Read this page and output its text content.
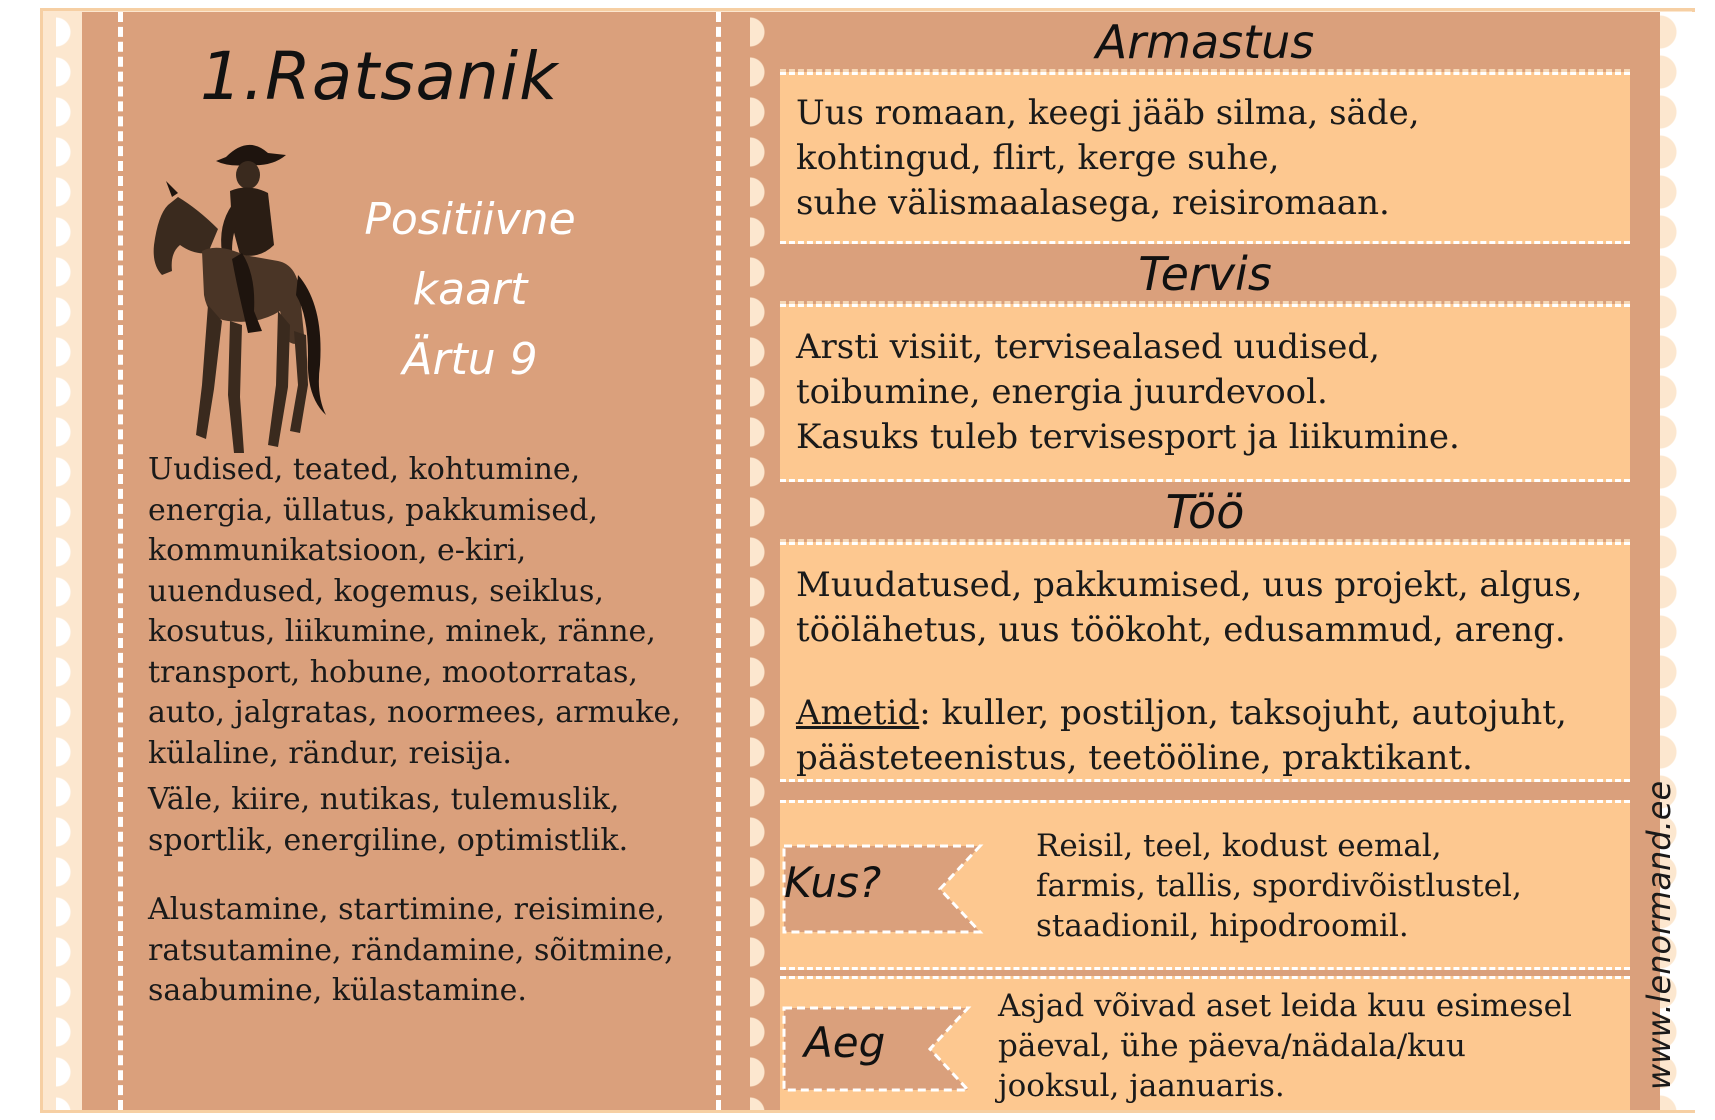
1.Ratsanik
Positiivne
kaart
Ärtu 9
Uudised, teated, kohtumine,
energia, üllatus, pakkumised,
kommunikatsioon, e-kiri,
uuendused, kogemus, seiklus,
kosutus, liikumine, minek, ränne,
transport, hobune, mootorratas,
auto, jalgratas, noormees, armuke,
külaline, rändur, reisija.
Väle, kiire, nutikas, tulemuslik,
sportlik, energiline, optimistlik.
Alustamine, startimine, reisimine,
ratsutamine, rändamine, sõitmine,
saabumine, külastamine.
Armastus
Uus romaan, keegi jääb silma, säde,
kohtingud, flirt, kerge suhe,
suhe välismaalasega, reisiromaan.
Tervis
Arsti visiit, tervisealased uudised,
toibumine, energia juurdevool.
Kasuks tuleb tervisesport ja liikumine.
Töö
Muudatused, pakkumised, uus projekt, algus,
töölähetus, uus töökoht, edusammud, areng.
Ametid: kuller, postiljon, taksojuht, autojuht,
päästeteenistus, teetööline, praktikant.
Kus?
Reisil, teel, kodust eemal,
farmis, tallis, spordivõistlustel,
staadionil, hipodroomil.
Aeg
Asjad võivad aset leida kuu esimesel
päeval, ühe päeva/nädala/kuu
jooksul, jaanuaris.	www.lenormand.ee
